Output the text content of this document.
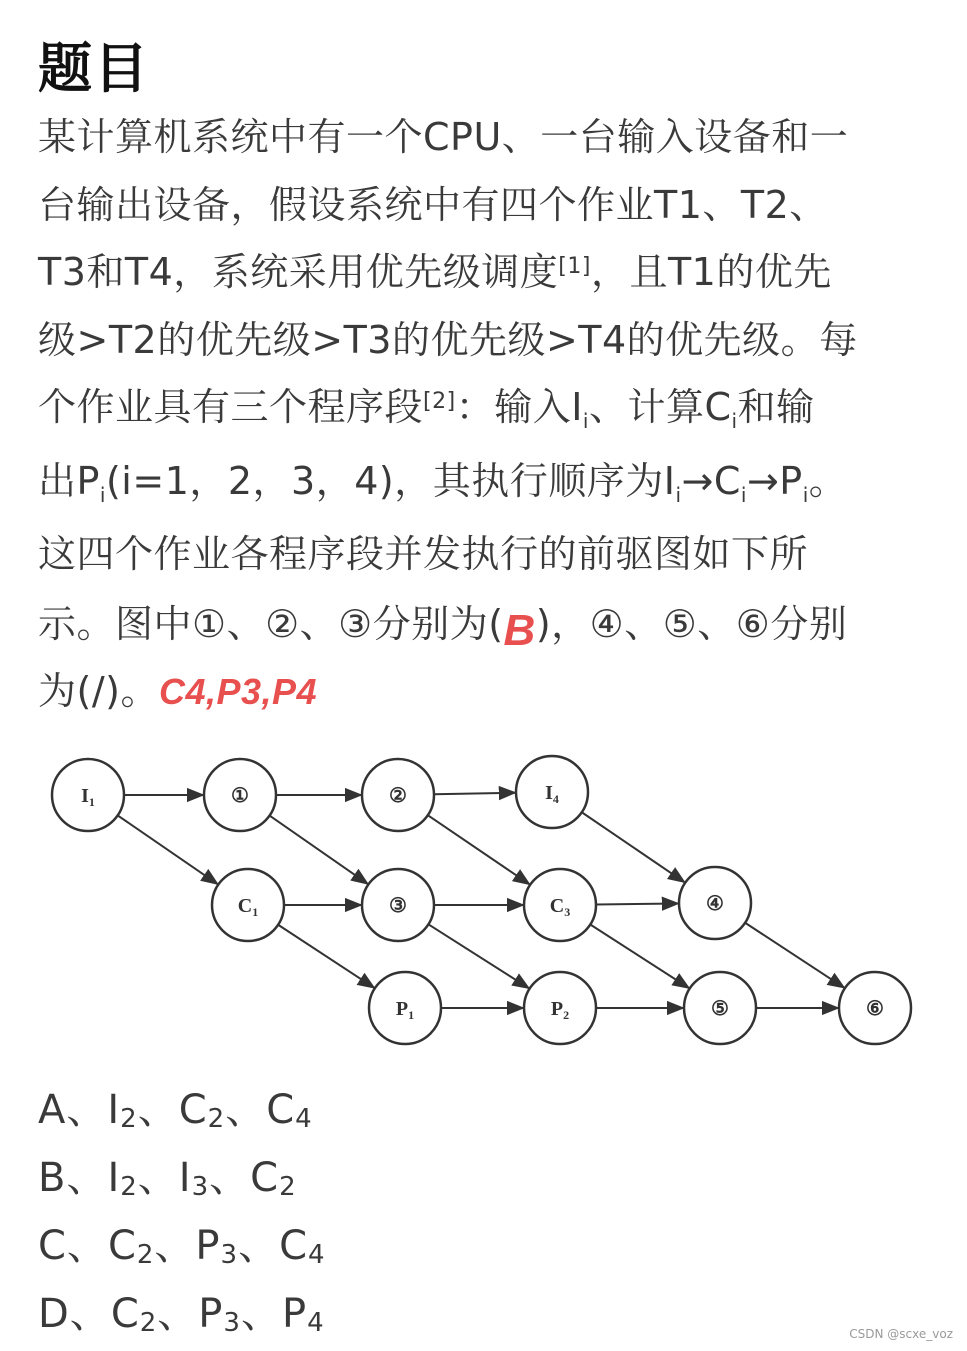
题目
某计算机系统中有一个CPU、一台输入设备和一
台输出设备，假设系统中有四个作业T1、T2、
T3和T4，系统采用优先级调度[1]，且T1的优先
级>T2的优先级>T3的优先级>T4的优先级。每
个作业具有三个程序段[2]：输入$I_i$、计算$C_i$和输
出$P_i(i=1$，2，3，4)，其执行顺序为$I_i\to C_i\to P_i$。
这四个作业各程序段并发执行的前驱图如下所
示。图中①、②、③分别为(B)，④、⑤、⑥分别
为(/)。C4,P3,P4
$I_1$	①	②	$I_4$
$C_1$	③	$C_3$	④
$P_1$	$P_2$	⑤	⑥
A、$I_2$、$C_2$、$C_4$
B、$I_2$、$I_3$、$C_2$
C、$C_2$、$P_3$、$C_4$
D、$C_2$、$P_3$、$P_4$	CSDN @scxe_voz
